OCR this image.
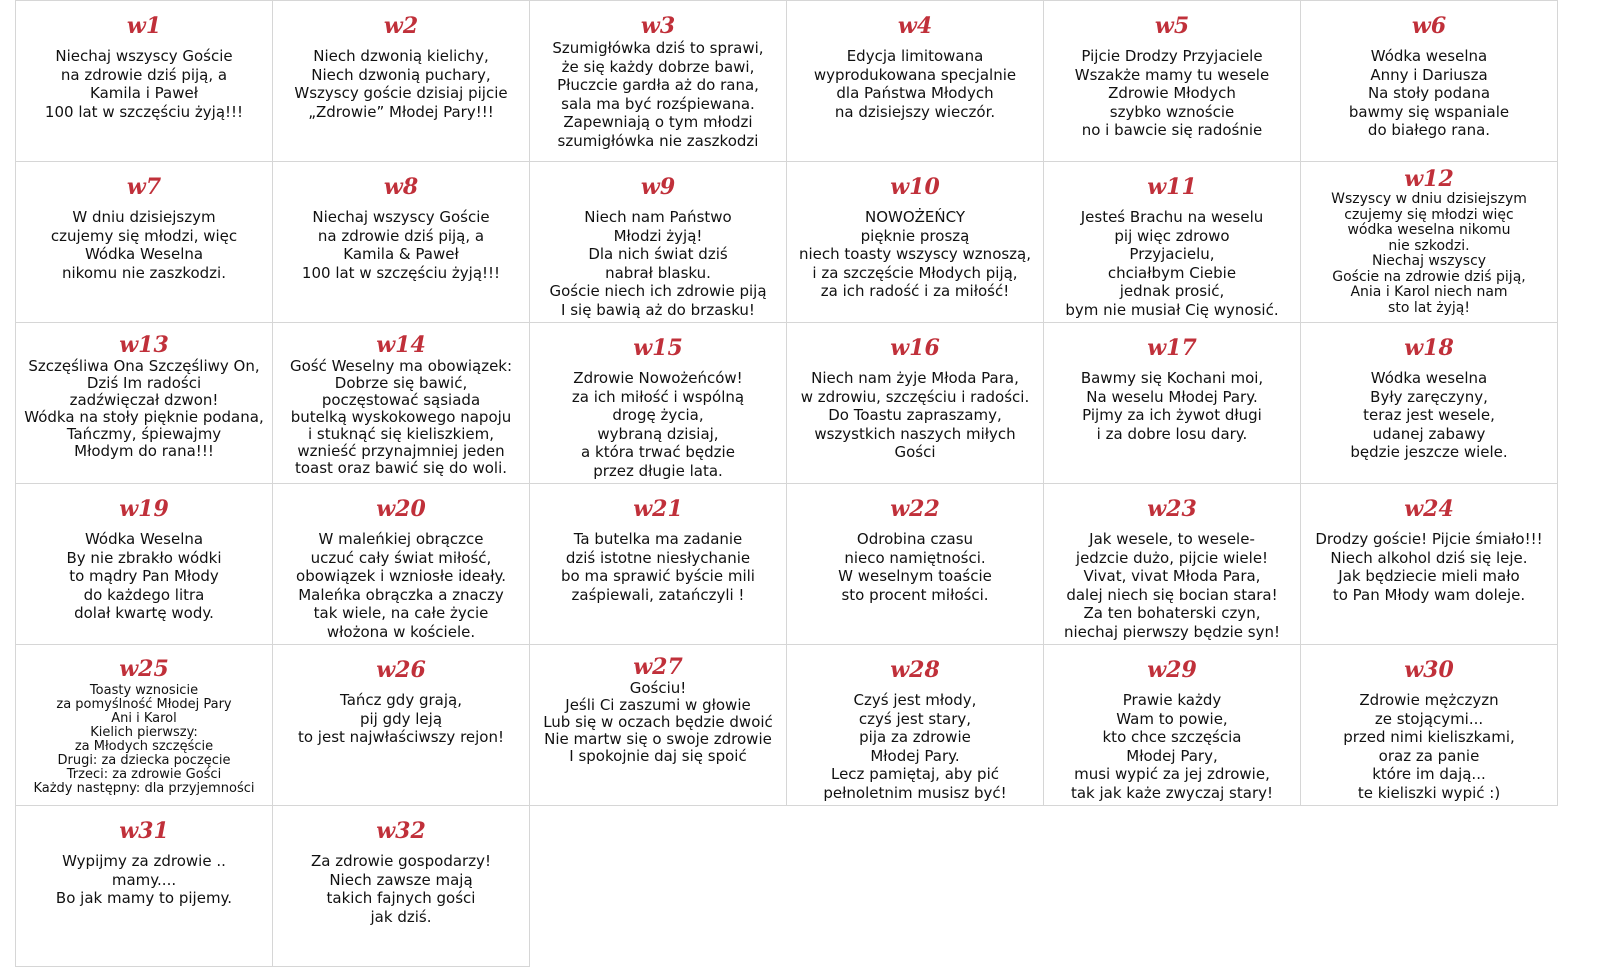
w1
Niechaj wszyscy Goście
na zdrowie dziś piją, a
Kamila i Paweł
100 lat w szczęściu żyją!!!
w2
Niech dzwonią kielichy,
Niech dzwonią puchary,
Wszyscy goście dzisiaj pijcie
„Zdrowie” Młodej Pary!!!
w3
Szumigłówka dziś to sprawi,
że się każdy dobrze bawi,
Płuczcie gardła aż do rana,
sala ma być rozśpiewana.
Zapewniają o tym młodzi
szumigłówka nie zaszkodzi
w4
Edycja limitowana
wyprodukowana specjalnie
dla Państwa Młodych
na dzisiejszy wieczór.
w5
Pijcie Drodzy Przyjaciele
Wszakże mamy tu wesele
Zdrowie Młodych
szybko wznoście
no i bawcie się radośnie
w6
Wódka weselna
Anny i Dariusza
Na stoły podana
bawmy się wspaniale
do białego rana.
w7
W dniu dzisiejszym
czujemy się młodzi, więc
Wódka Weselna
nikomu nie zaszkodzi.
w8
Niechaj wszyscy Goście
na zdrowie dziś piją, a
Kamila & Paweł
100 lat w szczęściu żyją!!!
w9
Niech nam Państwo
Młodzi żyją!
Dla nich świat dziś
nabrał blasku.
Goście niech ich zdrowie piją
I się bawią aż do brzasku!
w10
NOWOŻEŃCY
pięknie proszą
niech toasty wszyscy wznoszą,
i za szczęście Młodych piją,
za ich radość i za miłość!
w11
Jesteś Brachu na weselu
pij więc zdrowo
Przyjacielu,
chciałbym Ciebie
jednak prosić,
bym nie musiał Cię wynosić.
w12
Wszyscy w dniu dzisiejszym
czujemy się młodzi więc
wódka weselna nikomu
nie szkodzi.
Niechaj wszyscy
Goście na zdrowie dziś piją,
Ania i Karol niech nam
sto lat żyją!
w13
Szczęśliwa Ona Szczęśliwy On,
Dziś Im radości
zadźwięczał dzwon!
Wódka na stoły pięknie podana,
Tańczmy, śpiewajmy
Młodym do rana!!!
w14
Gość Weselny ma obowiązek:
Dobrze się bawić,
poczęstować sąsiada
butelką wyskokowego napoju
i stuknąć się kieliszkiem,
wznieść przynajmniej jeden
toast oraz bawić się do woli.
w15
Zdrowie Nowożeńców!
za ich miłość i wspólną
drogę życia,
wybraną dzisiaj,
a która trwać będzie
przez długie lata.
w16
Niech nam żyje Młoda Para,
w zdrowiu, szczęściu i radości.
Do Toastu zapraszamy,
wszystkich naszych miłych
Gości
w17
Bawmy się Kochani moi,
Na weselu Młodej Pary.
Pijmy za ich żywot długi
i za dobre losu dary.
w18
Wódka weselna
Były zaręczyny,
teraz jest wesele,
udanej zabawy
będzie jeszcze wiele.
w19
Wódka Weselna
By nie zbrakło wódki
to mądry Pan Młody
do każdego litra
dolał kwartę wody.
w20
W maleńkiej obrączce
uczuć cały świat miłość,
obowiązek i wzniosłe ideały.
Maleńka obrączka a znaczy
tak wiele, na całe życie
włożona w kościele.
w21
Ta butelka ma zadanie
dziś istotne niesłychanie
bo ma sprawić byście mili
zaśpiewali, zatańczyli !
w22
Odrobina czasu
nieco namiętności.
W weselnym toaście
sto procent miłości.
w23
Jak wesele, to wesele-
jedzcie dużo, pijcie wiele!
Vivat, vivat Młoda Para,
dalej niech się bocian stara!
Za ten bohaterski czyn,
niechaj pierwszy będzie syn!
w24
Drodzy goście! Pijcie śmiało!!!
Niech alkohol dziś się leje.
Jak będziecie mieli mało
to Pan Młody wam doleje.
w25
Toasty wznosicie
za pomyślność Młodej Pary
Ani i Karol
Kielich pierwszy:
za Młodych szczęście
Drugi: za dziecka poczęcie
Trzeci: za zdrowie Gości
Każdy następny: dla przyjemności
w26
Tańcz gdy grają,
pij gdy leją
to jest najwłaściwszy rejon!
w27
Gościu!
Jeśli Ci zaszumi w głowie
Lub się w oczach będzie dwoić
Nie martw się o swoje zdrowie
I spokojnie daj się spoić
w28
Czyś jest młody,
czyś jest stary,
pija za zdrowie
Młodej Pary.
Lecz pamiętaj, aby pić
pełnoletnim musisz być!
w29
Prawie każdy
Wam to powie,
kto chce szczęścia
Młodej Pary,
musi wypić za jej zdrowie,
tak jak każe zwyczaj stary!
w30
Zdrowie mężczyzn
ze stojącymi...
przed nimi kieliszkami,
oraz za panie
które im dają...
te kieliszki wypić :)
w31
Wypijmy za zdrowie ..
mamy....
Bo jak mamy to pijemy.
w32
Za zdrowie gospodarzy!
Niech zawsze mają
takich fajnych gości
jak dziś.
